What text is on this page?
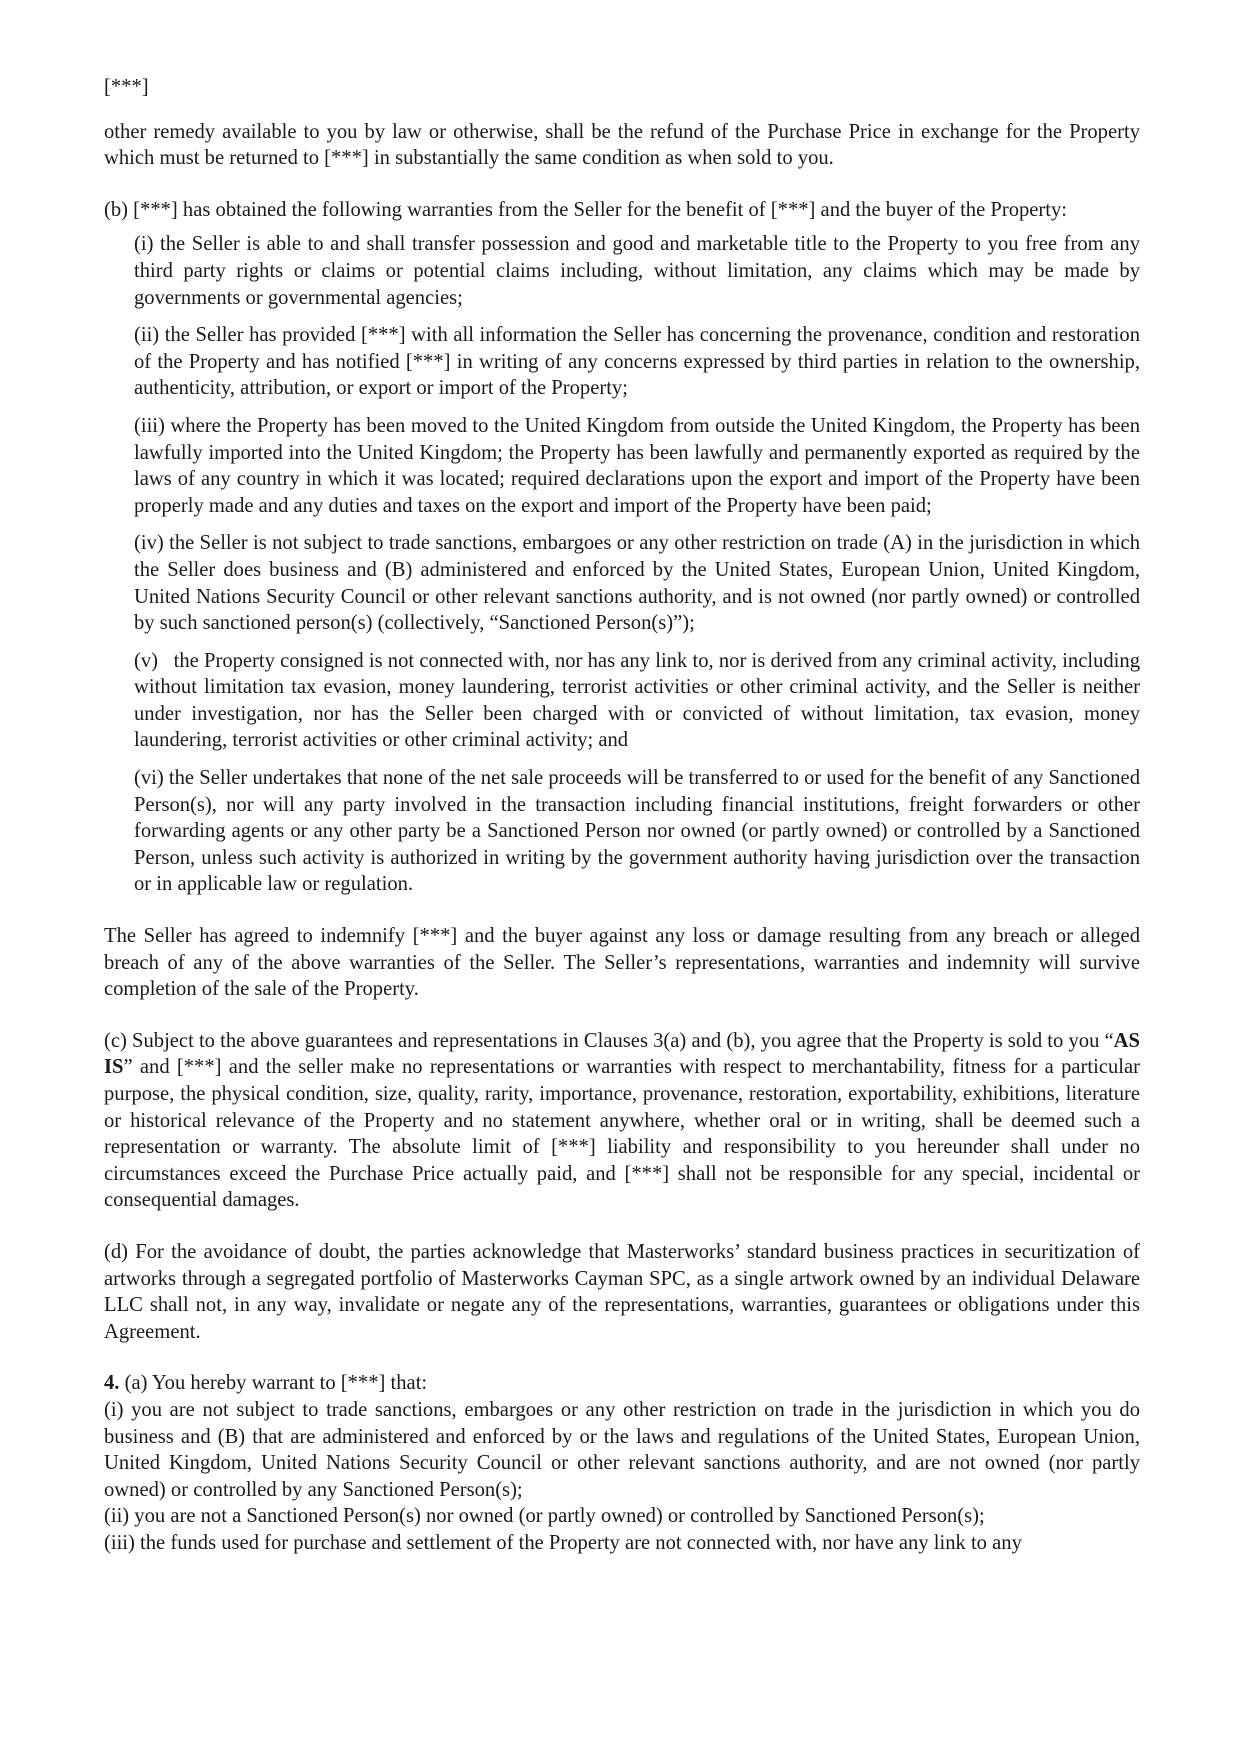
[***]

other remedy available to you by law or otherwise, shall be the refund of the Purchase Price in exchange for the Property which must be returned to [***] in substantially the same condition as when sold to you.

(b) [***] has obtained the following warranties from the Seller for the benefit of [***] and the buyer of the Property:

(i) the Seller is able to and shall transfer possession and good and marketable title to the Property to you free from any third party rights or claims or potential claims including, without limitation, any claims which may be made by governments or governmental agencies;

(ii) the Seller has provided [***] with all information the Seller has concerning the provenance, condition and restoration of the Property and has notified [***] in writing of any concerns expressed by third parties in relation to the ownership, authenticity, attribution, or export or import of the Property;

(iii) where the Property has been moved to the United Kingdom from outside the United Kingdom, the Property has been lawfully imported into the United Kingdom; the Property has been lawfully and permanently exported as required by the laws of any country in which it was located; required declarations upon the export and import of the Property have been properly made and any duties and taxes on the export and import of the Property have been paid;

(iv) the Seller is not subject to trade sanctions, embargoes or any other restriction on trade (A) in the jurisdiction in which the Seller does business and (B) administered and enforced by the United States, European Union, United Kingdom, United Nations Security Council or other relevant sanctions authority, and is not owned (nor partly owned) or controlled by such sanctioned person(s) (collectively, “Sanctioned Person(s)”);

(v)   the Property consigned is not connected with, nor has any link to, nor is derived from any criminal activity, including without limitation tax evasion, money laundering, terrorist activities or other criminal activity, and the Seller is neither under investigation, nor has the Seller been charged with or convicted of without limitation, tax evasion, money laundering, terrorist activities or other criminal activity; and

(vi) the Seller undertakes that none of the net sale proceeds will be transferred to or used for the benefit of any Sanctioned Person(s), nor will any party involved in the transaction including financial institutions, freight forwarders or other forwarding agents or any other party be a Sanctioned Person nor owned (or partly owned) or controlled by a Sanctioned Person, unless such activity is authorized in writing by the government authority having jurisdiction over the transaction or in applicable law or regulation.

The Seller has agreed to indemnify [***] and the buyer against any loss or damage resulting from any breach or alleged breach of any of the above warranties of the Seller. The Seller’s representations, warranties and indemnity will survive completion of the sale of the Property.

(c) Subject to the above guarantees and representations in Clauses 3(a) and (b), you agree that the Property is sold to you “AS IS” and [***] and the seller make no representations or warranties with respect to merchantability, fitness for a particular purpose, the physical condition, size, quality, rarity, importance, provenance, restoration, exportability, exhibitions, literature or historical relevance of the Property and no statement anywhere, whether oral or in writing, shall be deemed such a representation or warranty. The absolute limit of [***] liability and responsibility to you hereunder shall under no circumstances exceed the Purchase Price actually paid, and [***] shall not be responsible for any special, incidental or consequential damages.

(d) For the avoidance of doubt, the parties acknowledge that Masterworks’ standard business practices in securitization of artworks through a segregated portfolio of Masterworks Cayman SPC, as a single artwork owned by an individual Delaware LLC shall not, in any way, invalidate or negate any of the representations, warranties, guarantees or obligations under this Agreement.

4. (a) You hereby warrant to [***] that:

(i) you are not subject to trade sanctions, embargoes or any other restriction on trade in the jurisdiction in which you do business and (B) that are administered and enforced by or the laws and regulations of the United States, European Union, United Kingdom, United Nations Security Council or other relevant sanctions authority, and are not owned (nor partly owned) or controlled by any Sanctioned Person(s);

(ii) you are not a Sanctioned Person(s) nor owned (or partly owned) or controlled by Sanctioned Person(s);

(iii) the funds used for purchase and settlement of the Property are not connected with, nor have any link to any
